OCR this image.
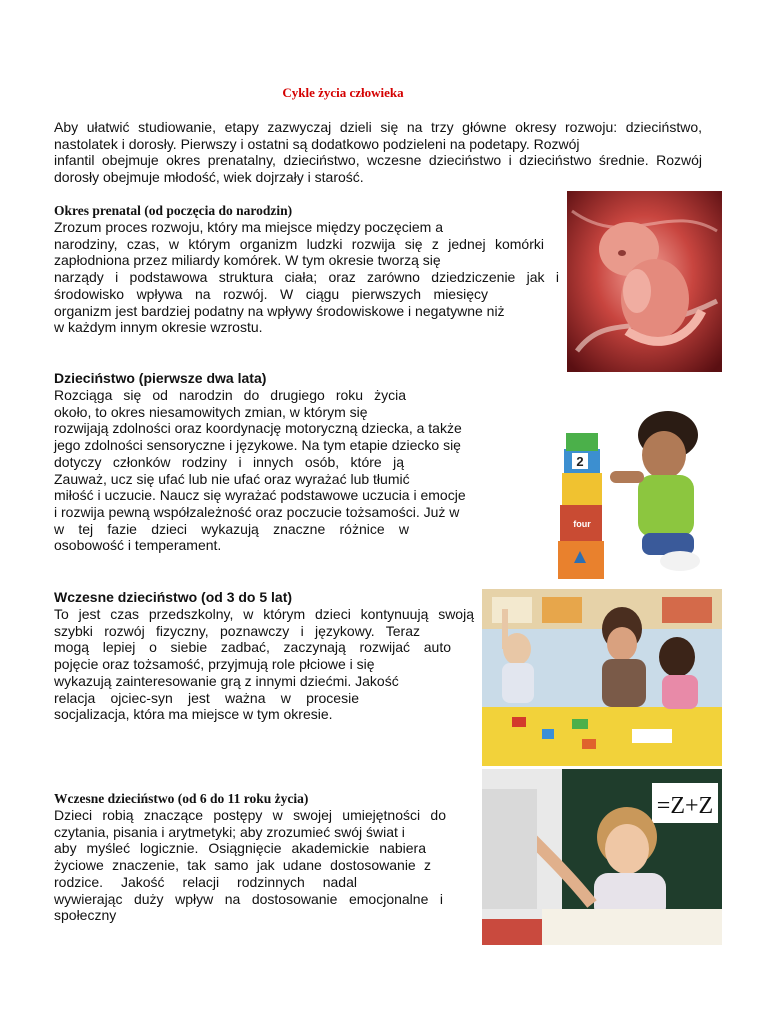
Cykle życia człowieka
Aby ułatwić studiowanie, etapy zazwyczaj dzieli się na trzy główne okresy rozwoju: dzieciństwo,
nastolatek i dorosły. Pierwszy i ostatni są dodatkowo podzieleni na podetapy. Rozwój
infantil obejmuje okres prenatalny, dzieciństwo, wczesne dzieciństwo i dzieciństwo średnie. Rozwój
dorosły obejmuje młodość, wiek dojrzały i starość.
Okres prenatal (od poczęcia do narodzin)
Zrozum proces rozwoju, który ma miejsce między poczęciem a
narodziny, czas, w którym organizm ludzki rozwija się z jednej komórki
zapłodniona przez miliardy komórek. W tym okresie tworzą się
narządy i podstawowa struktura ciała; oraz zarówno dziedziczenie jak i
środowisko wpływa na rozwój. W ciągu pierwszych miesięcy
organizm jest bardziej podatny na wpływy środowiskowe i negatywne niż
w każdym innym okresie wzrostu.
Dzieciństwo (pierwsze dwa lata)
Rozciąga się od narodzin do drugiego roku życia
około, to okres niesamowitych zmian, w którym się
rozwijają zdolności oraz koordynację motoryczną dziecka, a także
jego zdolności sensoryczne i językowe. Na tym etapie dziecko się
dotyczy członków rodziny i innych osób, które ją
Zauważ, ucz się ufać lub nie ufać oraz wyrażać lub tłumić
miłość i uczucie. Naucz się wyrażać podstawowe uczucia i emocje
i rozwija pewną współzależność oraz poczucie tożsamości. Już w
w tej fazie dzieci wykazują znaczne różnice w
osobowość i temperament.
2
four
Wczesne dzieciństwo (od 3 do 5 lat)
To jest czas przedszkolny, w którym dzieci kontynuują swoją
szybki rozwój fizyczny, poznawczy i językowy. Teraz
mogą lepiej o siebie zadbać, zaczynają rozwijać auto
pojęcie oraz tożsamość, przyjmują role płciowe i się
wykazują zainteresowanie grą z innymi dziećmi. Jakość
relacja ojciec-syn jest ważna w procesie
socjalizacja, która ma miejsce w tym okresie.
Wczesne dzieciństwo (od 6 do 11 roku życia)
Dzieci robią znaczące postępy w swojej umiejętności do
czytania, pisania i arytmetyki; aby zrozumieć swój świat i
aby myśleć logicznie. Osiągnięcie akademickie nabiera
życiowe znaczenie, tak samo jak udane dostosowanie z
rodzice. Jakość relacji rodzinnych nadal
wywierając duży wpływ na dostosowanie emocjonalne i
społeczny
=Z+Z
